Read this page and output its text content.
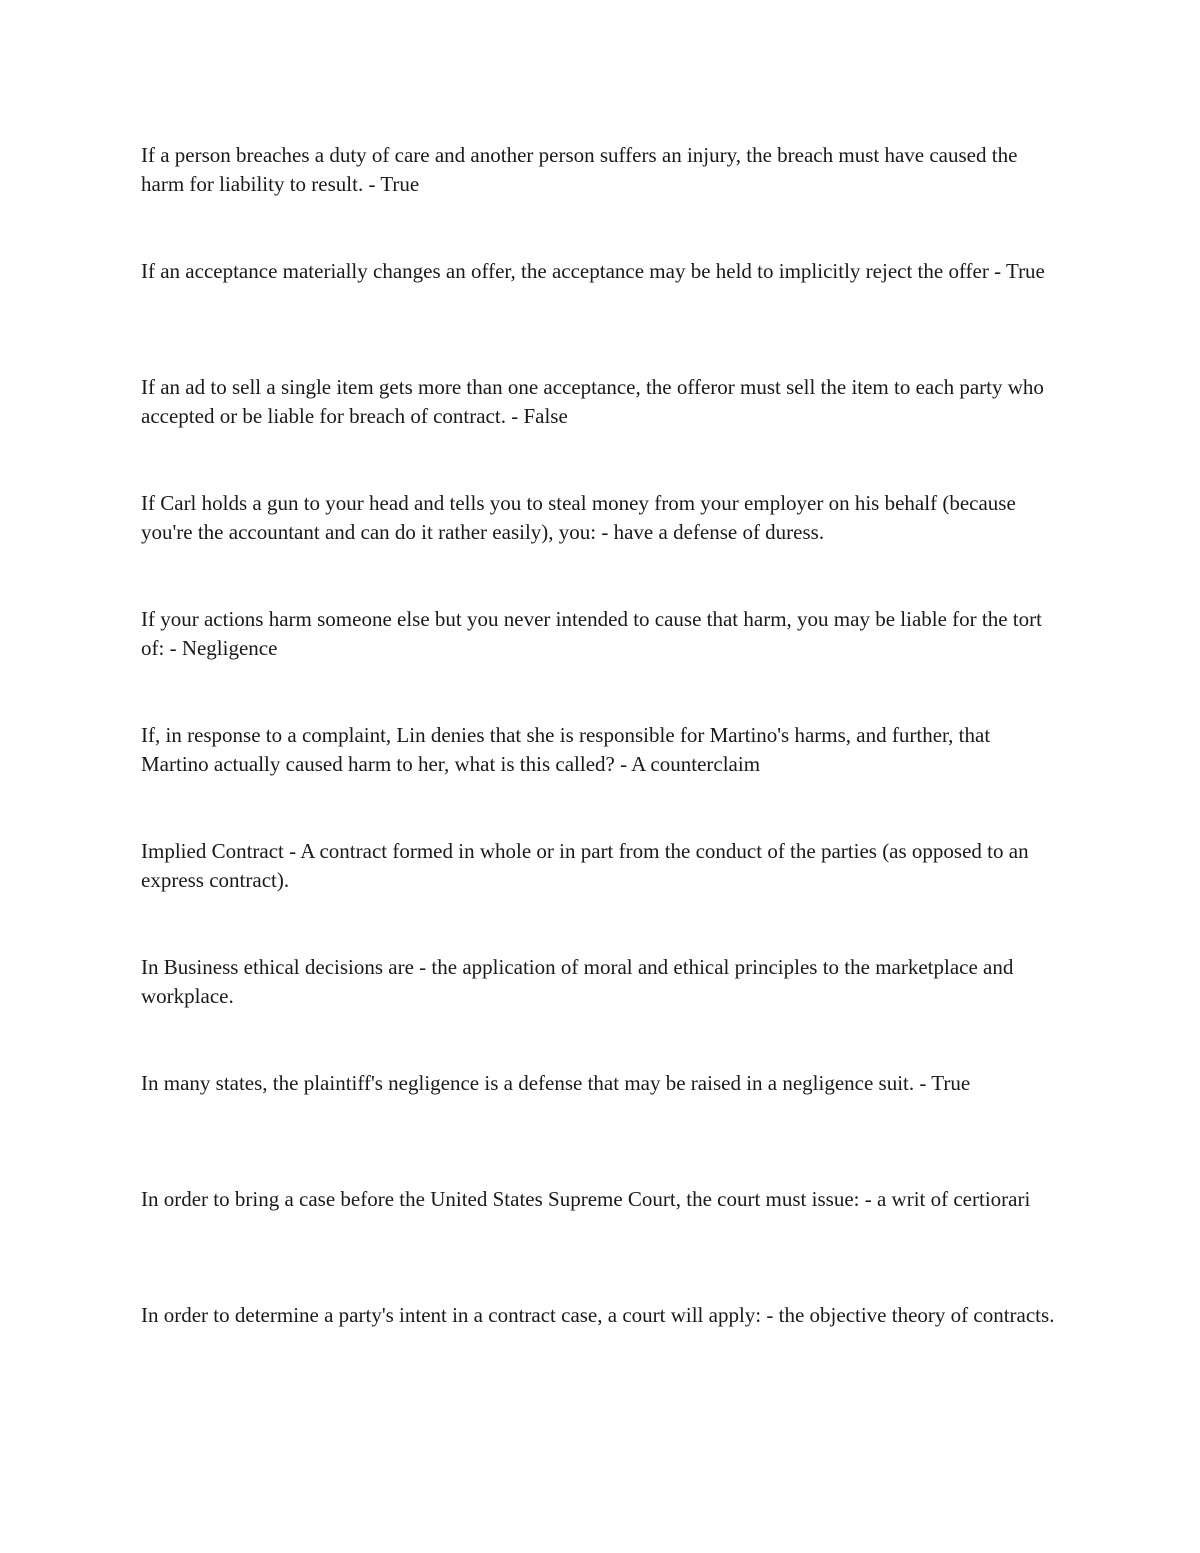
If a person breaches a duty of care and another person suffers an injury, the breach must have caused the harm for liability to result. - True
If an acceptance materially changes an offer, the acceptance may be held to implicitly reject the offer - True
If an ad to sell a single item gets more than one acceptance, the offeror must sell the item to each party who accepted or be liable for breach of contract. - False
If Carl holds a gun to your head and tells you to steal money from your employer on his behalf (because you're the accountant and can do it rather easily), you: - have a defense of duress.
If your actions harm someone else but you never intended to cause that harm, you may be liable for the tort of: - Negligence
If, in response to a complaint, Lin denies that she is responsible for Martino's harms, and further, that Martino actually caused harm to her, what is this called? - A counterclaim
Implied Contract - A contract formed in whole or in part from the conduct of the parties (as opposed to an express contract).
In Business ethical decisions are - the application of moral and ethical principles to the marketplace and workplace.
In many states, the plaintiff's negligence is a defense that may be raised in a negligence suit. - True
In order to bring a case before the United States Supreme Court, the court must issue: - a writ of certiorari
In order to determine a party's intent in a contract case, a court will apply: - the objective theory of contracts.
